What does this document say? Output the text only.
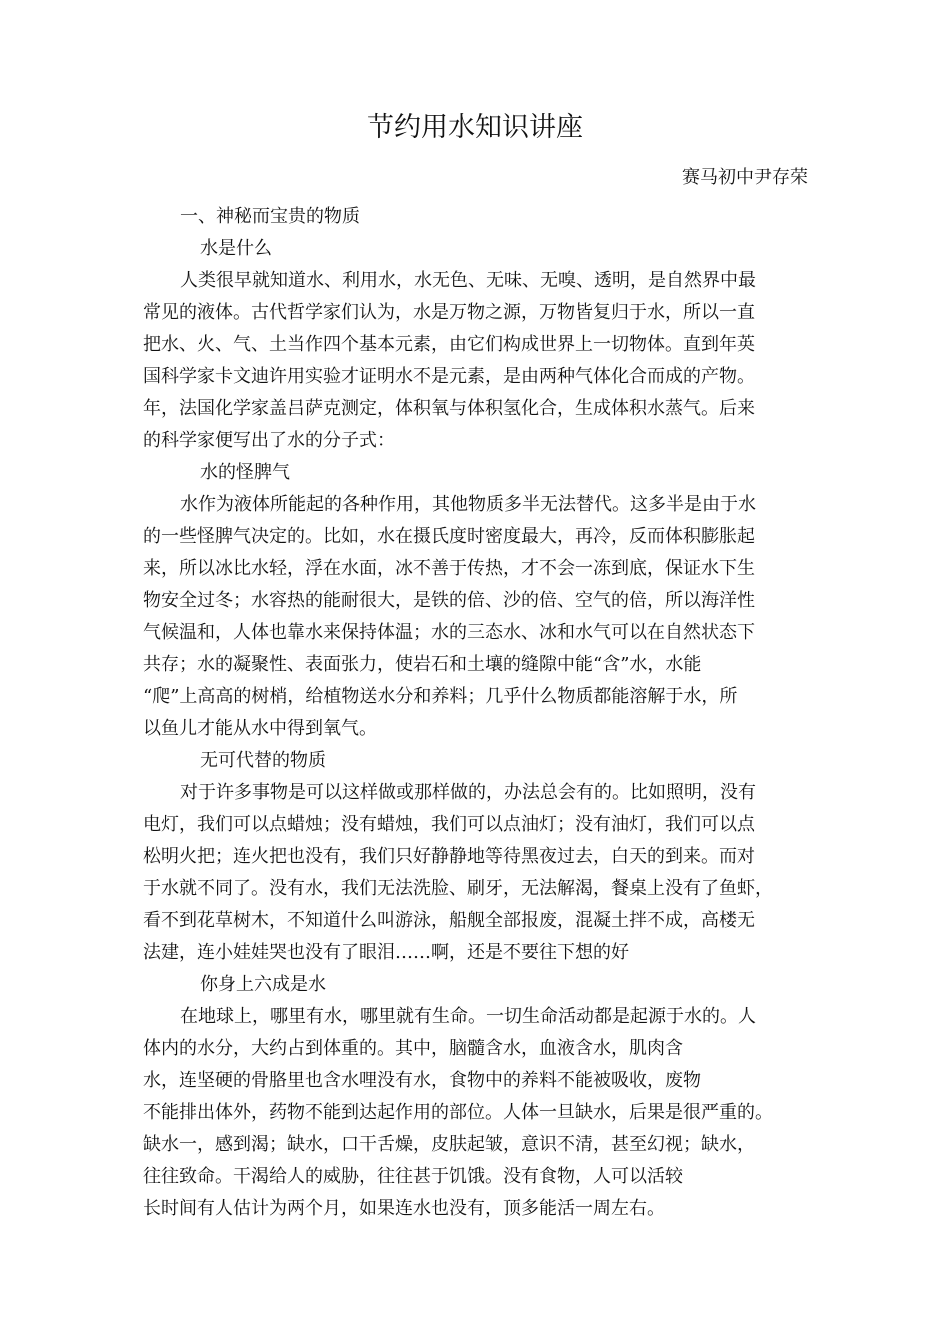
节约用水知识讲座

赛马初中尹存荣

一、神秘而宝贵的物质
水是什么
人类很早就知道水、利用水，水无色、无味、无嗅、透明，是自然界中最
常见的液体。古代哲学家们认为，水是万物之源，万物皆复归于水，所以一直
把水、火、气、土当作四个基本元素，由它们构成世界上一切物体。直到年英
国科学家卡文迪许用实验才证明水不是元素，是由两种气体化合而成的产物。
年，法国化学家盖吕萨克测定，体积氧与体积氢化合，生成体积水蒸气。后来
的科学家便写出了水的分子式：
水的怪脾气
水作为液体所能起的各种作用，其他物质多半无法替代。这多半是由于水
的一些怪脾气决定的。比如，水在摄氏度时密度最大，再冷，反而体积膨胀起
来，所以冰比水轻，浮在水面，冰不善于传热，才不会一冻到底，保证水下生
物安全过冬；水容热的能耐很大，是铁的倍、沙的倍、空气的倍，所以海洋性
气候温和，人体也靠水来保持体温；水的三态水、冰和水气可以在自然状态下
共存；水的凝聚性、表面张力，使岩石和土壤的缝隙中能“含”水，水能
“爬”上高高的树梢，给植物送水分和养料；几乎什么物质都能溶解于水，所
以鱼儿才能从水中得到氧气。
无可代替的物质
对于许多事物是可以这样做或那样做的，办法总会有的。比如照明，没有
电灯，我们可以点蜡烛；没有蜡烛，我们可以点油灯；没有油灯，我们可以点
松明火把；连火把也没有，我们只好静静地等待黑夜过去，白天的到来。而对
于水就不同了。没有水，我们无法洗脸、刷牙，无法解渴，餐桌上没有了鱼虾，
看不到花草树木，不知道什么叫游泳，船舰全部报废，混凝土拌不成，高楼无
法建，连小娃娃哭也没有了眼泪……啊，还是不要往下想的好
你身上六成是水
在地球上，哪里有水，哪里就有生命。一切生命活动都是起源于水的。人
体内的水分，大约占到体重的。其中，脑髓含水，血液含水，肌肉含
水，连坚硬的骨胳里也含水哩没有水，食物中的养料不能被吸收，废物
不能排出体外，药物不能到达起作用的部位。人体一旦缺水，后果是很严重的。
缺水一，感到渴；缺水，口干舌燥，皮肤起皱，意识不清，甚至幻视；缺水，
往往致命。干渴给人的威胁，往往甚于饥饿。没有食物，人可以活较
长时间有人估计为两个月，如果连水也没有，顶多能活一周左右。
